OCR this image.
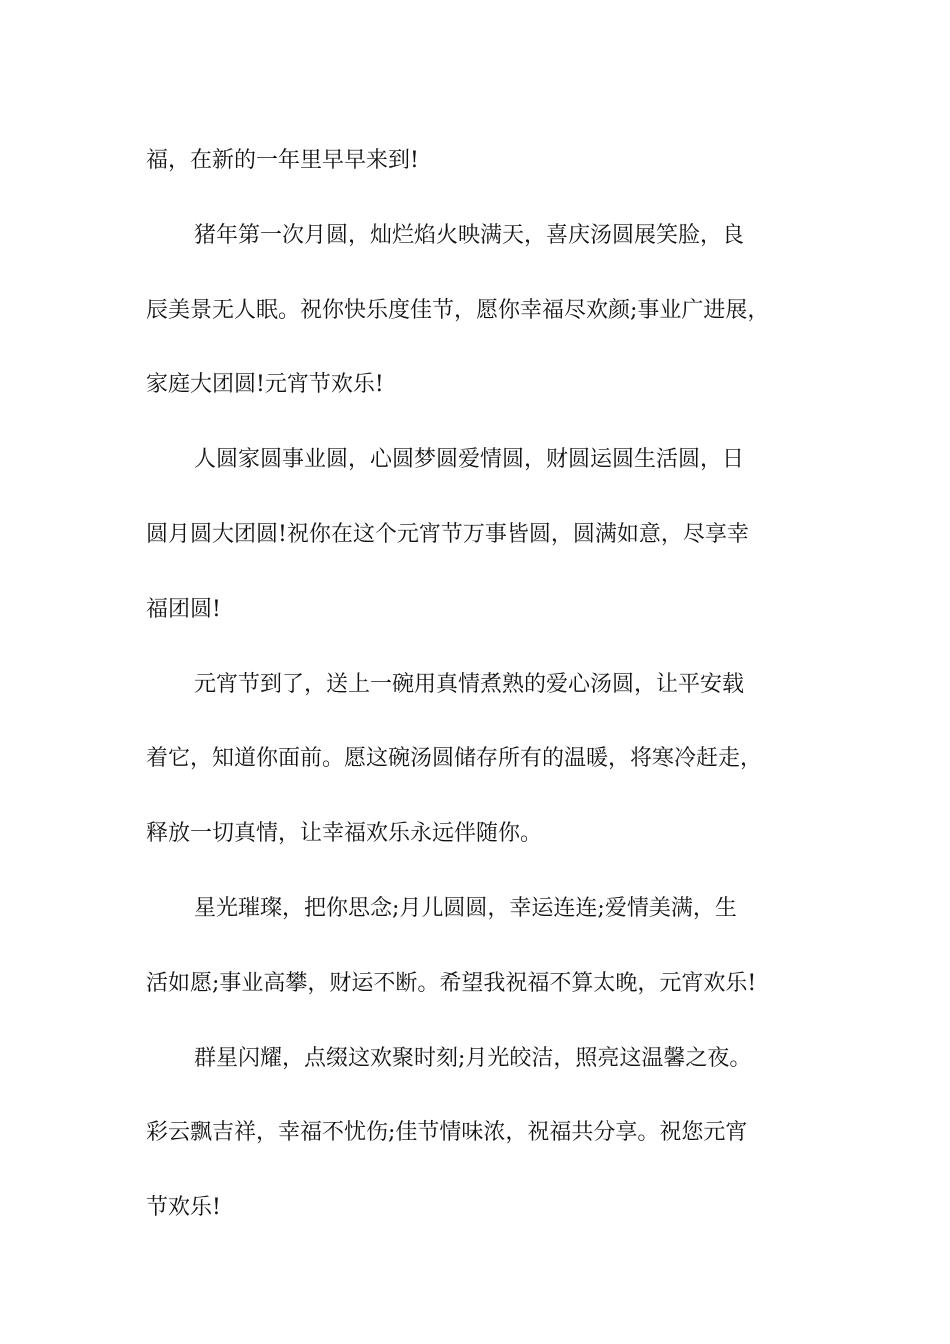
福，在新的一年里早早来到!
猪年第一次月圆，灿烂焰火映满天，喜庆汤圆展笑脸，良
辰美景无人眠。祝你快乐度佳节，愿你幸福尽欢颜;事业广进展，
家庭大团圆!元宵节欢乐!
人圆家圆事业圆，心圆梦圆爱情圆，财圆运圆生活圆，日
圆月圆大团圆!祝你在这个元宵节万事皆圆，圆满如意，尽享幸
福团圆!
元宵节到了，送上一碗用真情煮熟的爱心汤圆，让平安载
着它，知道你面前。愿这碗汤圆储存所有的温暖，将寒冷赶走，
释放一切真情，让幸福欢乐永远伴随你。
星光璀璨，把你思念;月儿圆圆，幸运连连;爱情美满，生
活如愿;事业高攀，财运不断。希望我祝福不算太晚，元宵欢乐!
群星闪耀，点缀这欢聚时刻;月光皎洁，照亮这温馨之夜。
彩云飘吉祥，幸福不忧伤;佳节情味浓，祝福共分享。祝您元宵
节欢乐!
